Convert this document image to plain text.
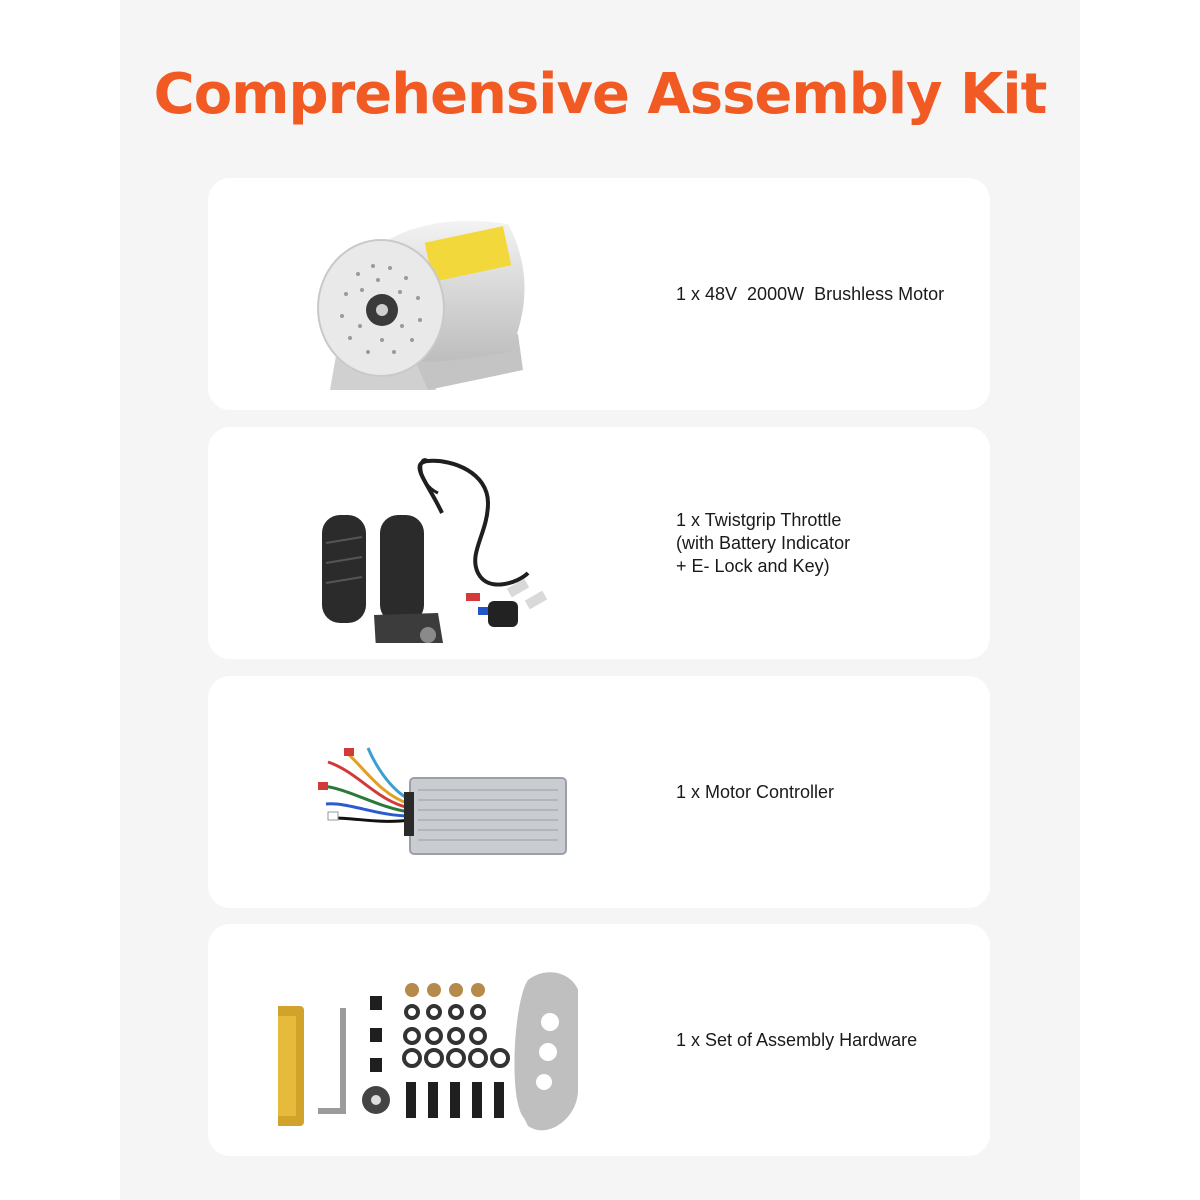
Comprehensive Assembly Kit
1 x 48V  2000W  Brushless Motor
1 x Twistgrip Throttle
(with Battery Indicator
+ E- Lock and Key)
1 x Motor Controller
1 x Set of Assembly Hardware
